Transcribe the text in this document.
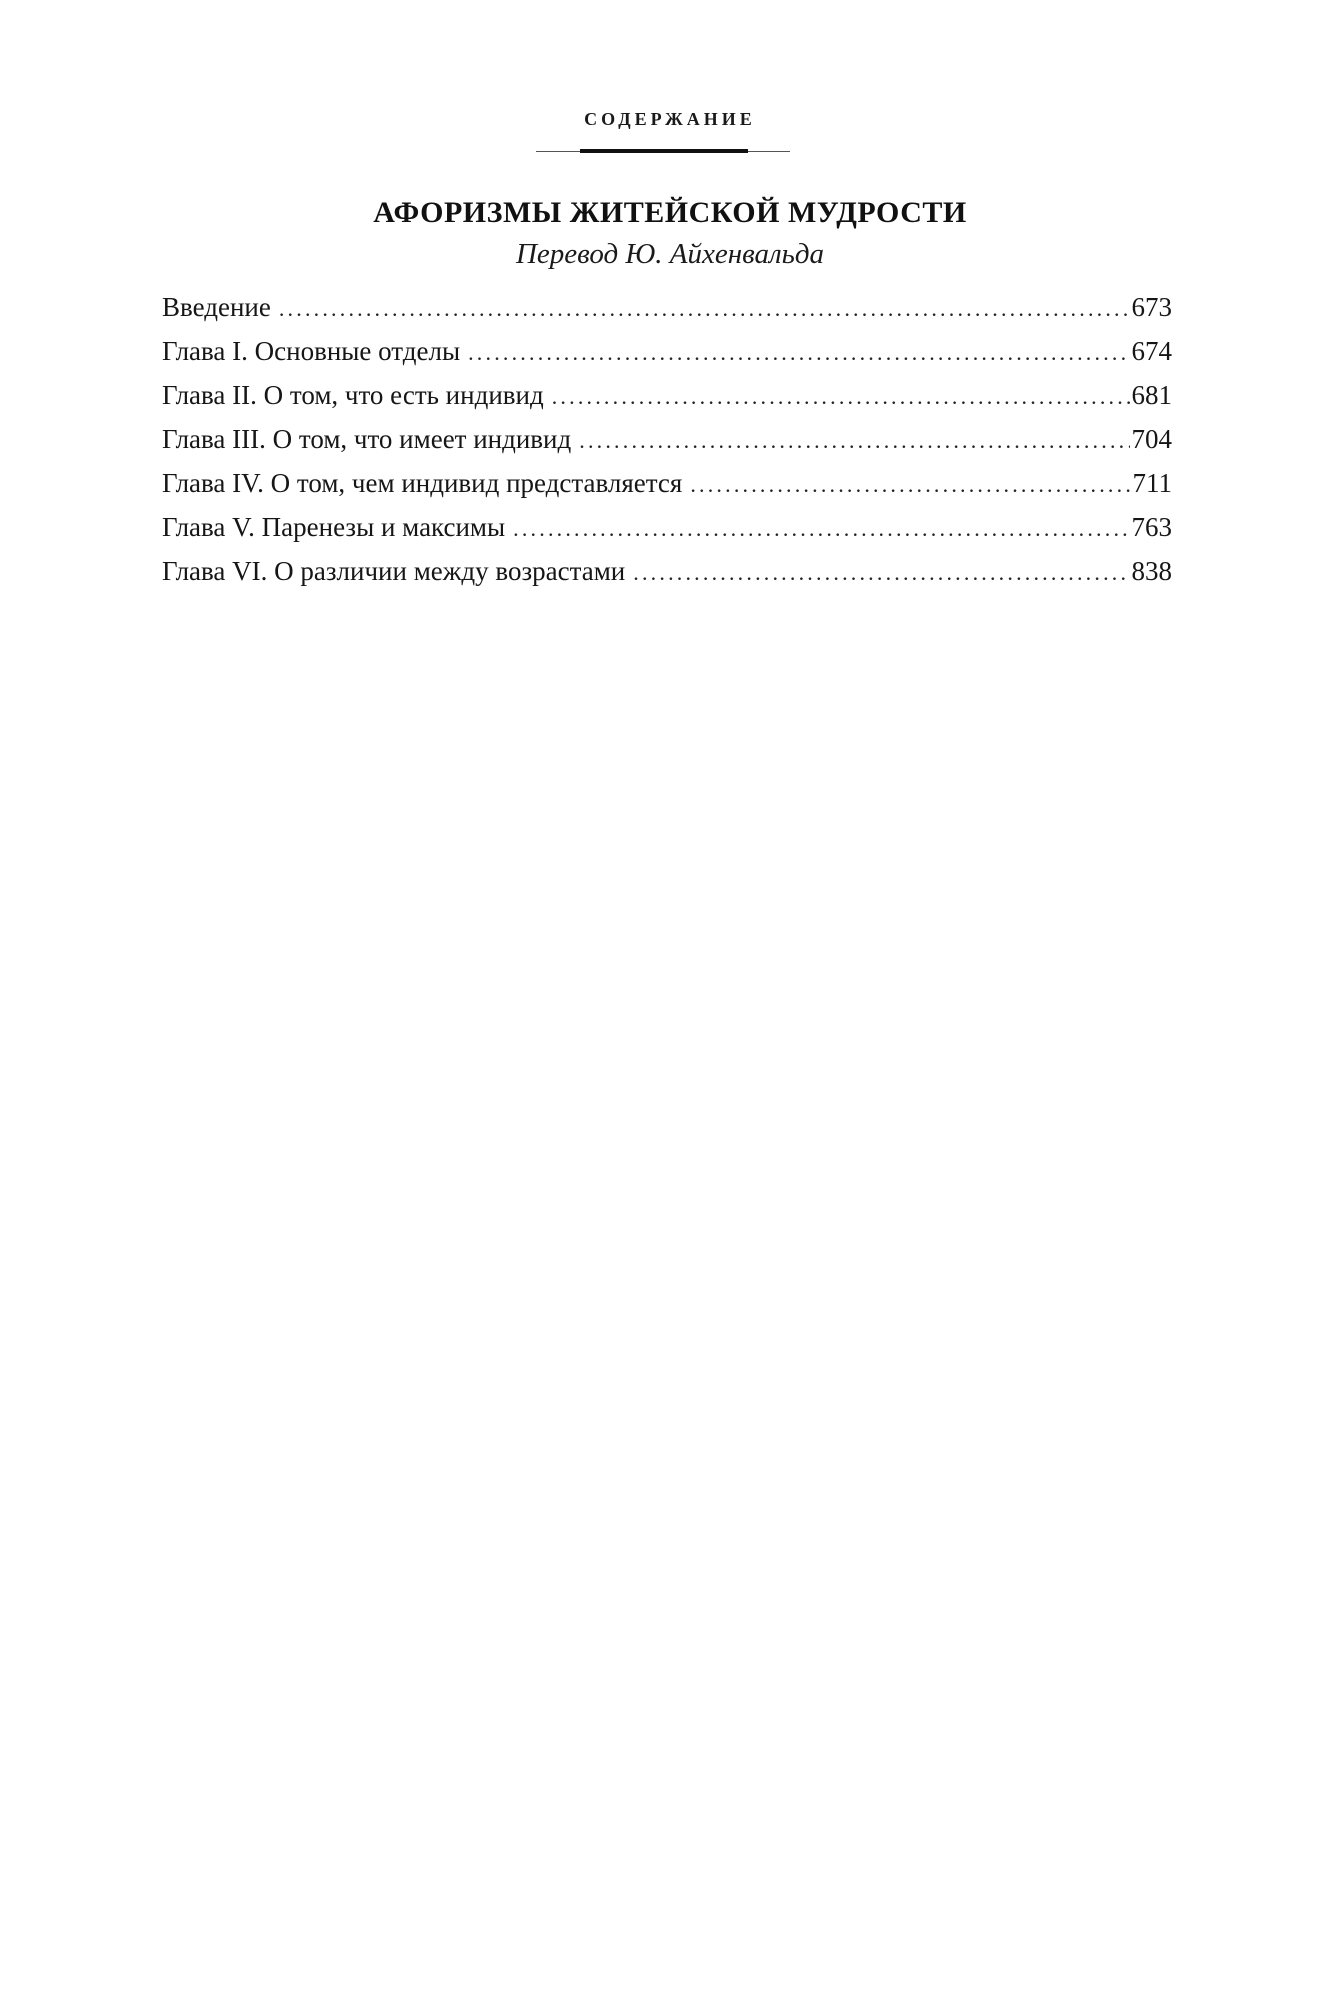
СОДЕРЖАНИЕ
АФОРИЗМЫ ЖИТЕЙСКОЙ МУДРОСТИ
Перевод Ю. Айхенвальда
Введение .....	673
Глава I. Основные отделы .....	674
Глава II. О том, что есть индивид .....	681
Глава III. О том, что имеет индивид .....	704
Глава IV. О том, чем индивид представляется .....	711
Глава V. Паренезы и максимы .....	763
Глава VI. О различии между возрастами .....	838
